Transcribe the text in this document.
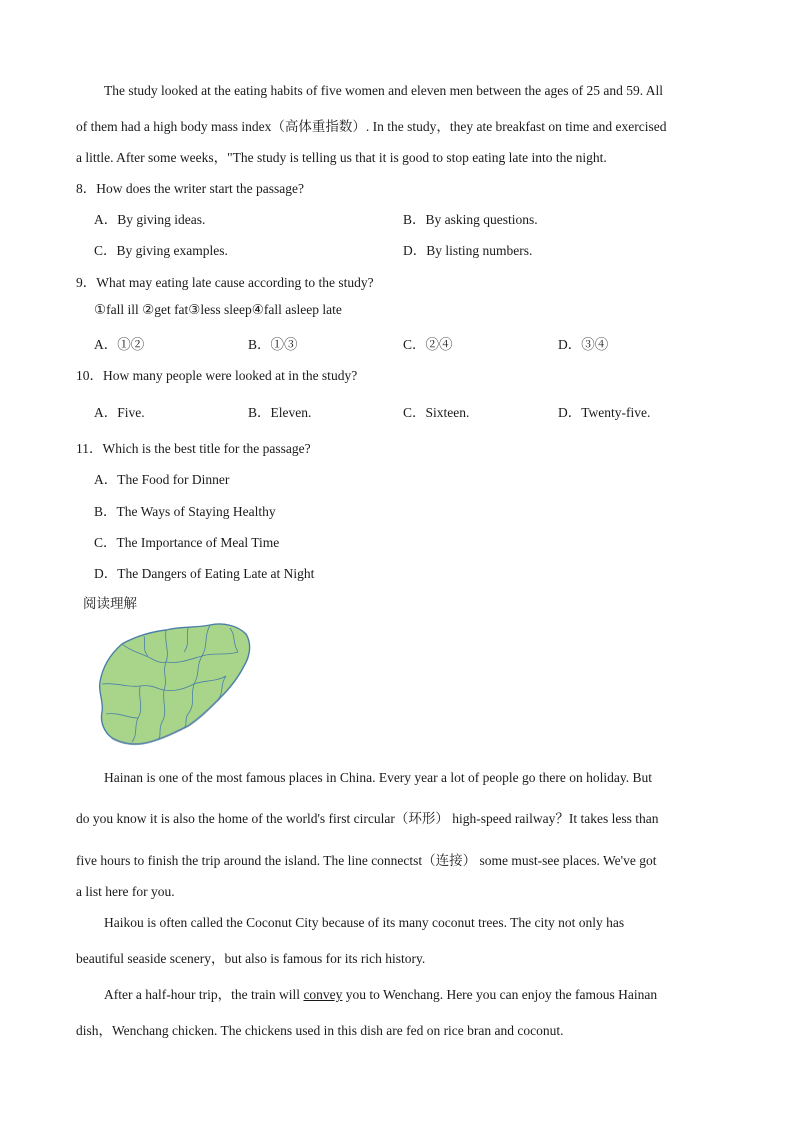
The study looked at the eating habits of five women and eleven men between the ages of 25 and 59. All
of them had a high body mass index（高体重指数）. In the study，they ate breakfast on time and exercised
a little. After some weeks，"The study is telling us that it is good to stop eating late into the night.
8．How does the writer start the passage?
A．By giving ideas.	B．By asking questions.
C．By giving examples.	D．By listing numbers.
9．What may eating late cause according to the study?
①fall ill ②get fat③less sleep④fall asleep late
A．①②	B．①③	C．②④	D．③④
10．How many people were looked at in the study?
A．Five.	B．Eleven.	C．Sixteen.	D．Twenty-five.
11．Which is the best title for the passage?
A．The Food for Dinner
B．The Ways of Staying Healthy
C．The Importance of Meal Time
D．The Dangers of Eating Late at Night
阅读理解
Hainan is one of the most famous places in China. Every year a lot of people go there on holiday. But
do you know it is also the home of the world's first circular（环形） high-speed railway？It takes less than
five hours to finish the trip around the island. The line connectst（连接） some must-see places. We've got
a list here for you.
Haikou is often called the Coconut City because of its many coconut trees. The city not only has
beautiful seaside scenery，but also is famous for its rich history.
After a half-hour trip，the train will convey you to Wenchang. Here you can enjoy the famous Hainan
dish，Wenchang chicken. The chickens used in this dish are fed on rice bran and coconut.
